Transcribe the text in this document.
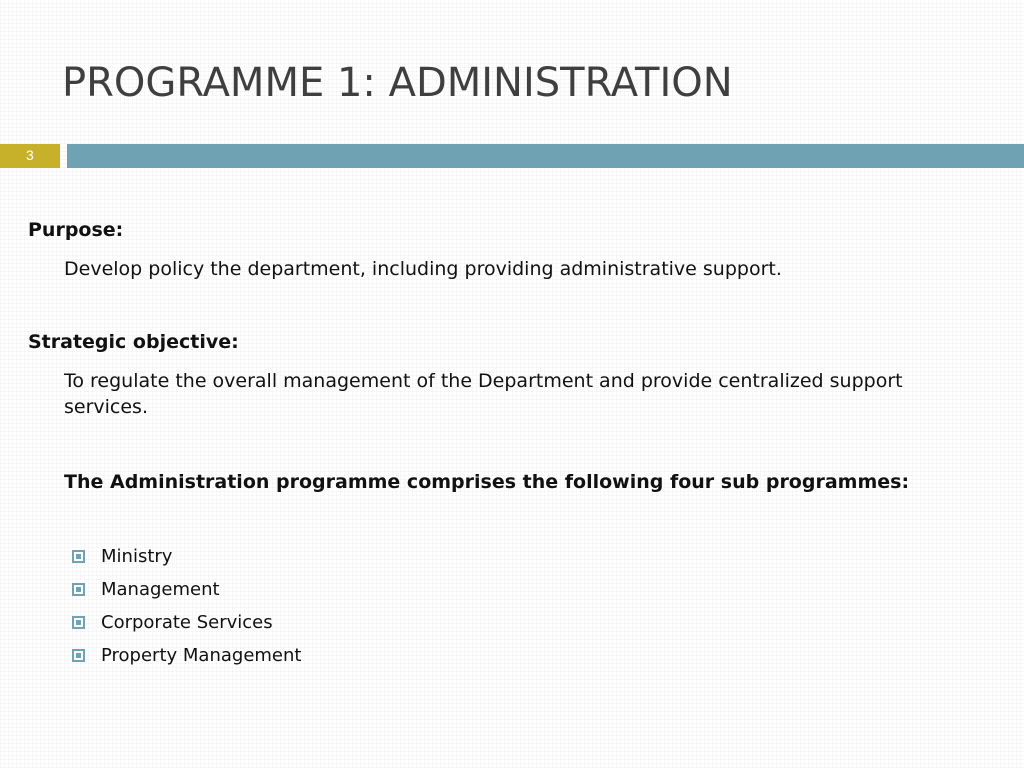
PROGRAMME 1: ADMINISTRATION
3
Purpose:
Develop policy the department, including providing administrative support.
Strategic objective:
To regulate the overall management of the Department and provide centralized support services.
The Administration programme comprises the following four sub programmes:
Ministry
Management
Corporate Services
Property Management
